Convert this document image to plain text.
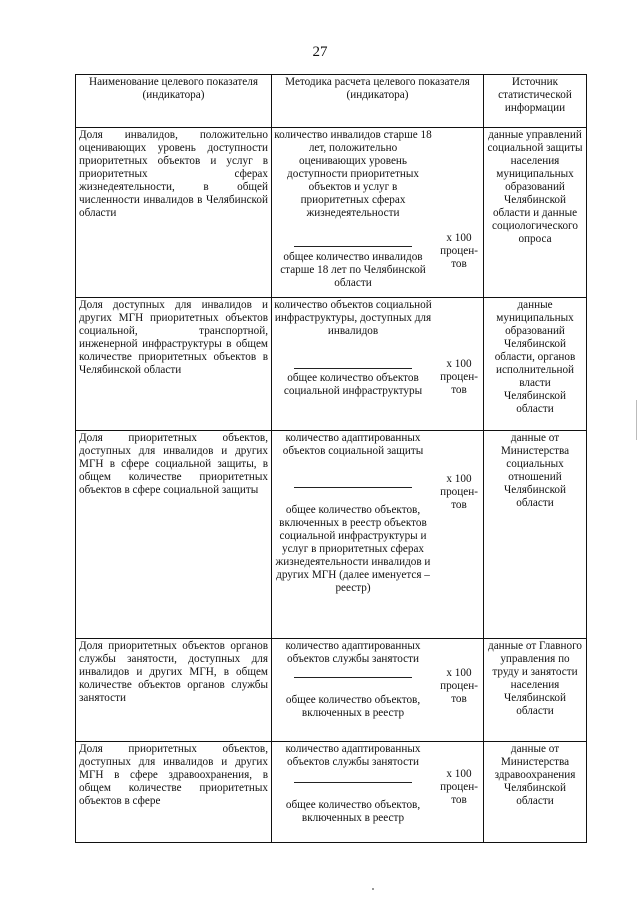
27
Наименование целевого показателя (индикатора)	Методика расчета целевого показателя (индикатора)	Источник статистической информации
Доля инвалидов, положительно оценивающих уровень доступности приоритетных объектов и услуг в приоритетных сферах жизнедеятельности, в общей численности инвалидов в Челябинской области	количество инвалидов старше 18 лет, положительно оценивающих уровень доступности приоритетных объектов и услуг в приоритетных сферах жизнедеятельности
общее количество инвалидов старше 18 лет по Челябинской области
x 100
процен-
тов	данные управлений социальной защиты населения муниципальных образований Челябинской области и данные социологического опроса
Доля доступных для инвалидов и других МГН приоритетных объектов социальной, транспортной, инженерной инфраструктуры в общем количестве приоритетных объектов в Челябинской области	количество объектов социальной инфраструктуры, доступных для инвалидов
общее количество объектов социальной инфраструктуры
x 100
процен-
тов	данные муниципальных образований Челябинской области, органов исполнительной власти Челябинской области
Доля приоритетных объектов, доступных для инвалидов и других МГН в сфере социальной защиты, в общем количестве приоритетных объектов в сфере социальной защиты	количество адаптированных объектов социальной защиты
общее количество объектов, включенных в реестр объектов социальной инфраструктуры и услуг в приоритетных сферах жизнедеятельности инвалидов и других МГН (далее именуется – реестр)
x 100
процен-
тов	данные от Министерства социальных отношений Челябинской области
Доля приоритетных объектов органов службы занятости, доступных для инвалидов и других МГН, в общем количестве объектов органов службы занятости	количество адаптированных объектов службы занятости
общее количество объектов, включенных в реестр
x 100
процен-
тов	данные от Главного управления по труду и занятости населения Челябинской области
Доля приоритетных объектов, доступных для инвалидов и других МГН в сфере здравоохранения, в общем количестве приоритетных объектов в сфере	количество адаптированных объектов службы занятости
общее количество объектов, включенных в реестр
x 100
процен-
тов	данные от Министерства здравоохранения Челябинской области
